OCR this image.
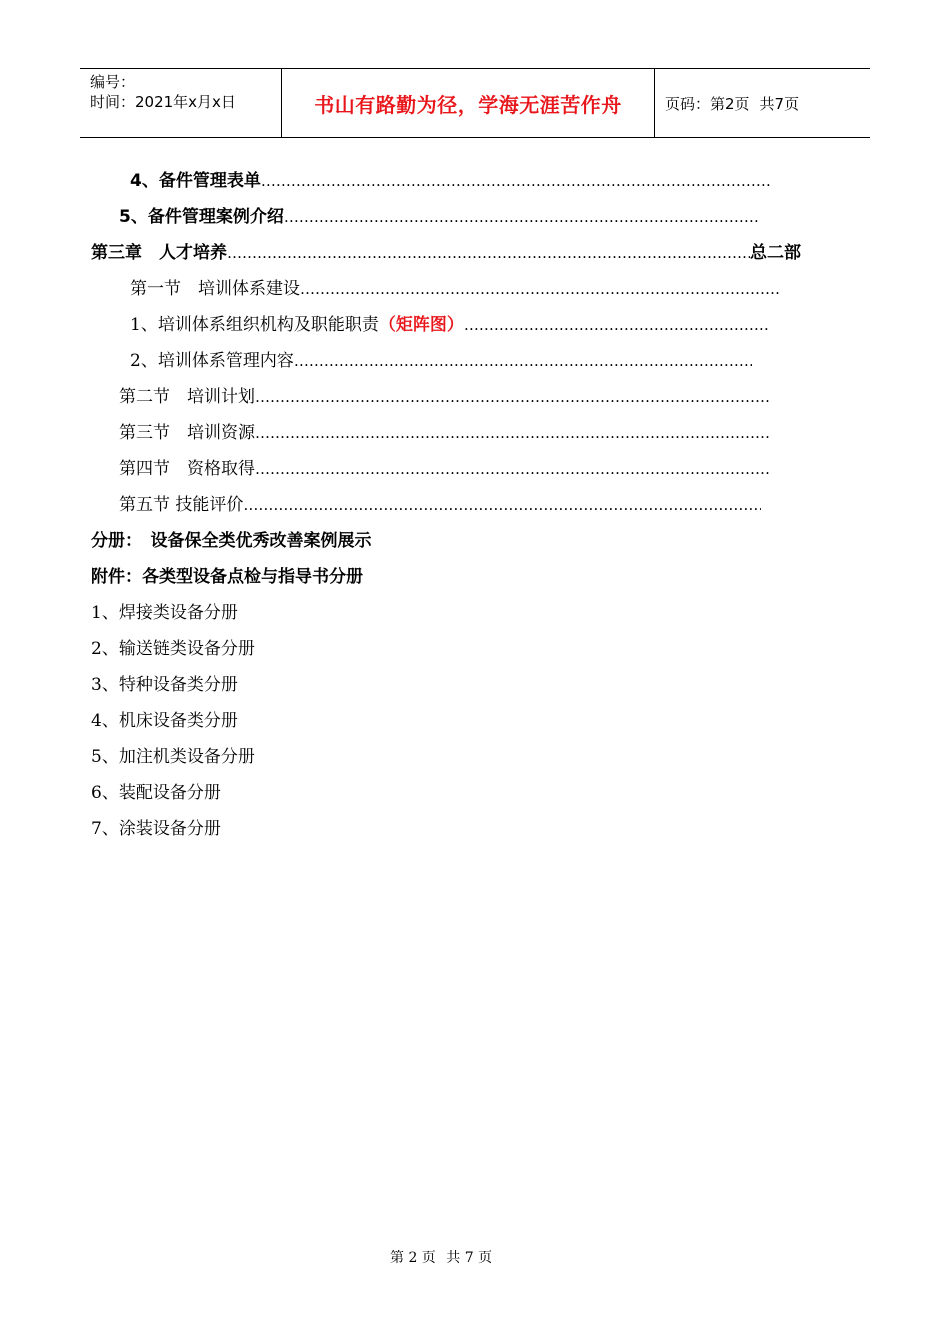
编号：
时间：2021年x月x日	书山有路勤为径，学海无涯苦作舟	页码：第2页 共7页
4、备件管理表单
……………………………………………………………………………………………………………………………………………………………………………………………
5、备件管理案例介绍
……………………………………………………………………………………………………………………………………………………………………………………………
第三章　人才培养
……………………………………………………………………………………………………………………………………………………………………………………………	总二部
第一节　培训体系建设
……………………………………………………………………………………………………………………………………………………………………………………………
1、培训体系组织机构及职能职责 （矩阵图）
……………………………………………………………………………………………………………………………………………………………………………………………
2、培训体系管理内容
……………………………………………………………………………………………………………………………………………………………………………………………
第二节　培训计划
……………………………………………………………………………………………………………………………………………………………………………………………
第三节　培训资源
……………………………………………………………………………………………………………………………………………………………………………………………
第四节　资格取得
……………………………………………………………………………………………………………………………………………………………………………………………
第五节 技能评价
……………………………………………………………………………………………………………………………………………………………………………………………
分册：　设备保全类优秀改善案例展示
附件：各类型设备点检与指导书分册
1、焊接类设备分册
2、输送链类设备分册
3、特种设备类分册
4、机床设备类分册
5、加注机类设备分册
6、装配设备分册
7、涂装设备分册
第 2 页 共 7 页
